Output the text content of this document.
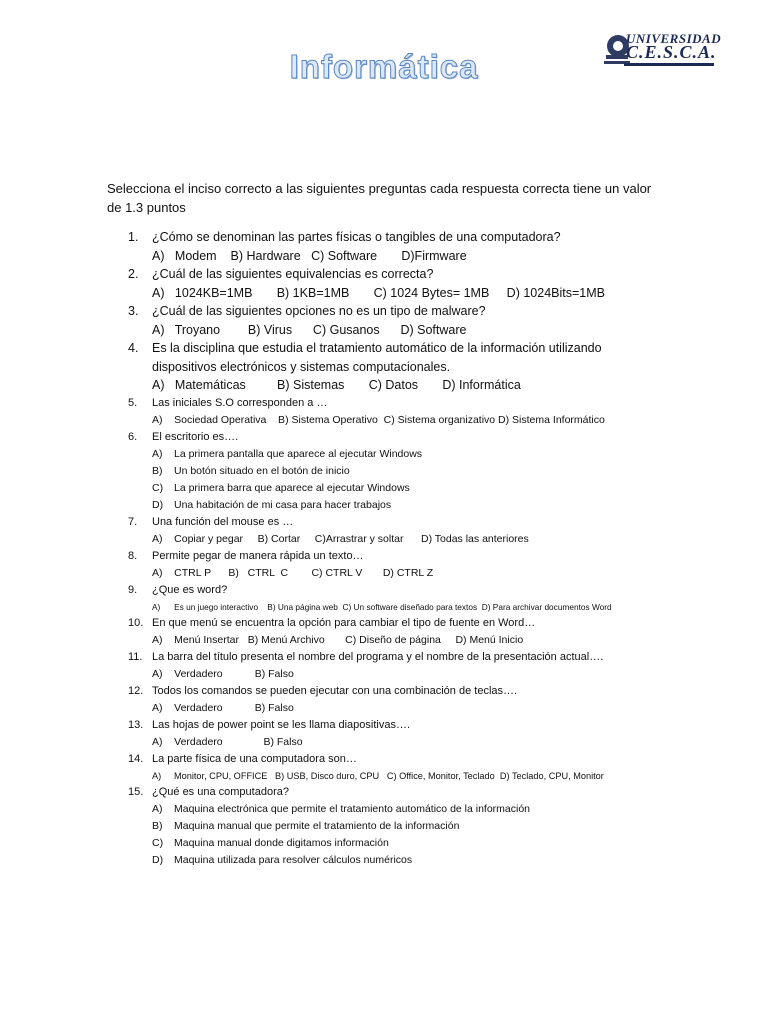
Informática
UNIVERSIDAD
C.E.S.C.A.
Selecciona el inciso correcto a las siguientes preguntas cada respuesta correcta tiene un valor de 1.3 puntos
1. ¿Cómo se denominan las partes físicas o tangibles de una computadora?
A)   Modem    B) Hardware   C) Software       D)Firmware
2. ¿Cuál de las siguientes equivalencias es correcta?
A)   1024KB=1MB       B) 1KB=1MB       C) 1024 Bytes= 1MB     D) 1024Bits=1MB
3. ¿Cuál de las siguientes opciones no es un tipo de malware?
A)   Troyano        B) Virus      C) Gusanos      D) Software
4. Es la disciplina que estudia el tratamiento automático de la información utilizando
dispositivos electrónicos y sistemas computacionales.
A)   Matemáticas         B) Sistemas       C) Datos       D) Informática
5. Las iniciales S.O corresponden a …
A)    Sociedad Operativa    B) Sistema Operativo  C) Sistema organizativo D) Sistema Informático
6. El escritorio es….
A) La primera pantalla que aparece al ejecutar Windows
B) Un botón situado en el botón de inicio
C) La primera barra que aparece al ejecutar Windows
D) Una habitación de mi casa para hacer trabajos
7. Una función del mouse es …
A)    Copiar y pegar     B) Cortar     C)Arrastrar y soltar      D) Todas las anteriores
8. Permite pegar de manera rápida un texto…
A)    CTRL P      B)   CTRL  C        C) CTRL V       D) CTRL Z
9. ¿Que es word?
A)      Es un juego interactivo    B) Una página web  C) Un software diseñado para textos  D) Para archivar documentos Word
10. En que menú se encuentra la opción para cambiar el tipo de fuente en Word…
A)    Menú Insertar   B) Menú Archivo       C) Diseño de página     D) Menú Inicio
11. La barra del título presenta el nombre del programa y el nombre de la presentación actual….
A)    Verdadero           B) Falso
12. Todos los comandos se pueden ejecutar con una combinación de teclas….
A)    Verdadero           B) Falso
13. Las hojas de power point se les llama diapositivas….
A)    Verdadero              B) Falso
14. La parte física de una computadora son…
A)     Monitor, CPU, OFFICE   B) USB, Disco duro, CPU   C) Office, Monitor, Teclado  D) Teclado, CPU, Monitor
15. ¿Qué es una computadora?
A) Maquina electrónica que permite el tratamiento automático de la información
B) Maquina manual que permite el tratamiento de la información
C) Maquina manual donde digitamos información
D) Maquina utilizada para resolver cálculos numéricos
